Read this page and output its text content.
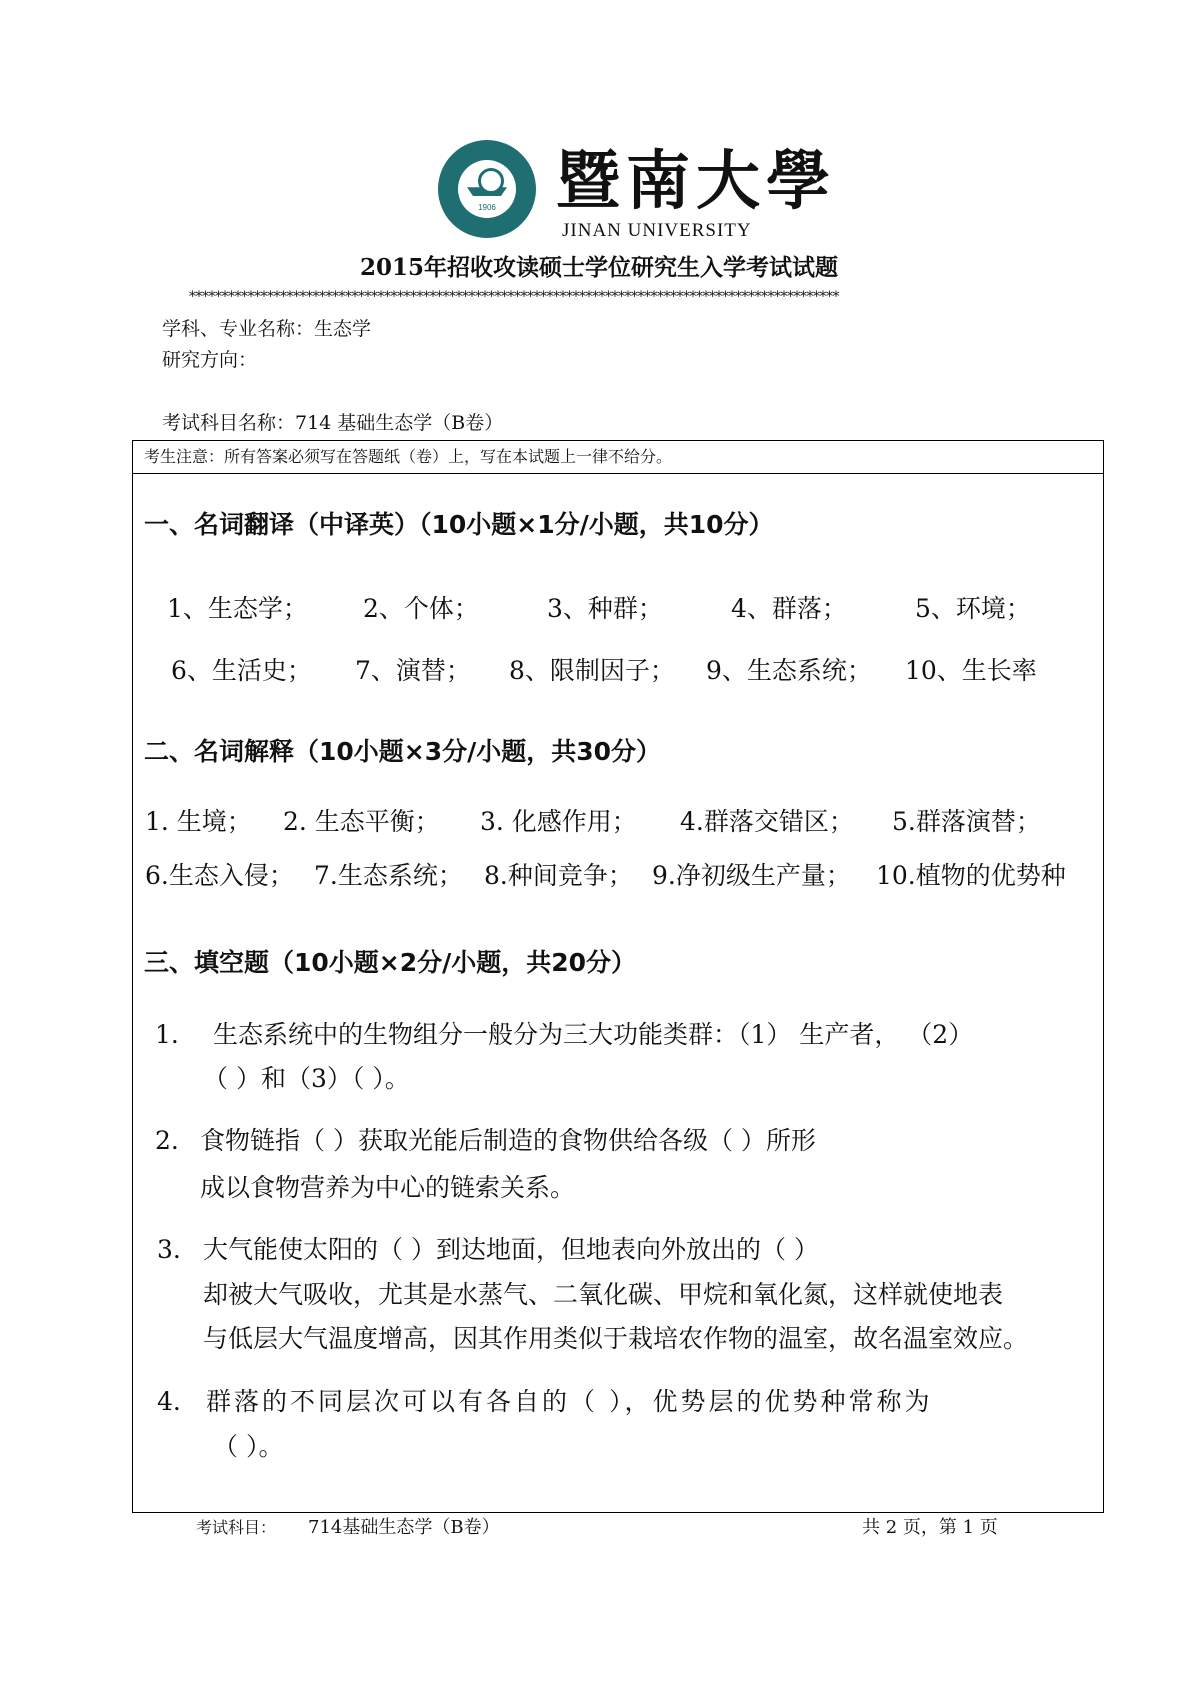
1906 暨南大學
JINAN UNIVERSITY
2015年招收攻读硕士学位研究生入学考试试题
****************************************************************************************************
学科、专业名称：生态学
研究方向：
考试科目名称：714 基础生态学（B卷）
考生注意：所有答案必须写在答题纸（卷）上，写在本试题上一律不给分。
一、名词翻译（中译英）（10小题×1分/小题，共10分）
1、生态学； 2、个体；	3、种群；	4、群落；	5、环境；
6、生活史； 7、演替； 8、限制因子； 9、生态系统； 10、生长率
二、名词解释（10小题×3分/小题，共30分）
1. 生境； 2. 生态平衡； 3. 化感作用； 4.群落交错区； 5.群落演替；
6.生态入侵； 7.生态系统； 8.种间竞争； 9.净初级生产量； 10.植物的优势种
三、填空题（10小题×2分/小题，共20分）
1. 生态系统中的生物组分一般分为三大功能类群：（1） 生产者， （2）
（ ）和（3）（ ）。
2. 食物链指（ ）获取光能后制造的食物供给各级（ ）所形
成以食物营养为中心的链索关系。
3. 大气能使太阳的（ ）到达地面，但地表向外放出的（ ）
却被大气吸收，尤其是水蒸气、二氧化碳、甲烷和氧化氮，这样就使地表
与低层大气温度增高，因其作用类似于栽培农作物的温室，故名温室效应。
4. 群落的不同层次可以有各自的（ ），优势层的优势种常称为
（ ）。
考试科目： 714基础生态学（B卷）	共 2 页，第 1 页
